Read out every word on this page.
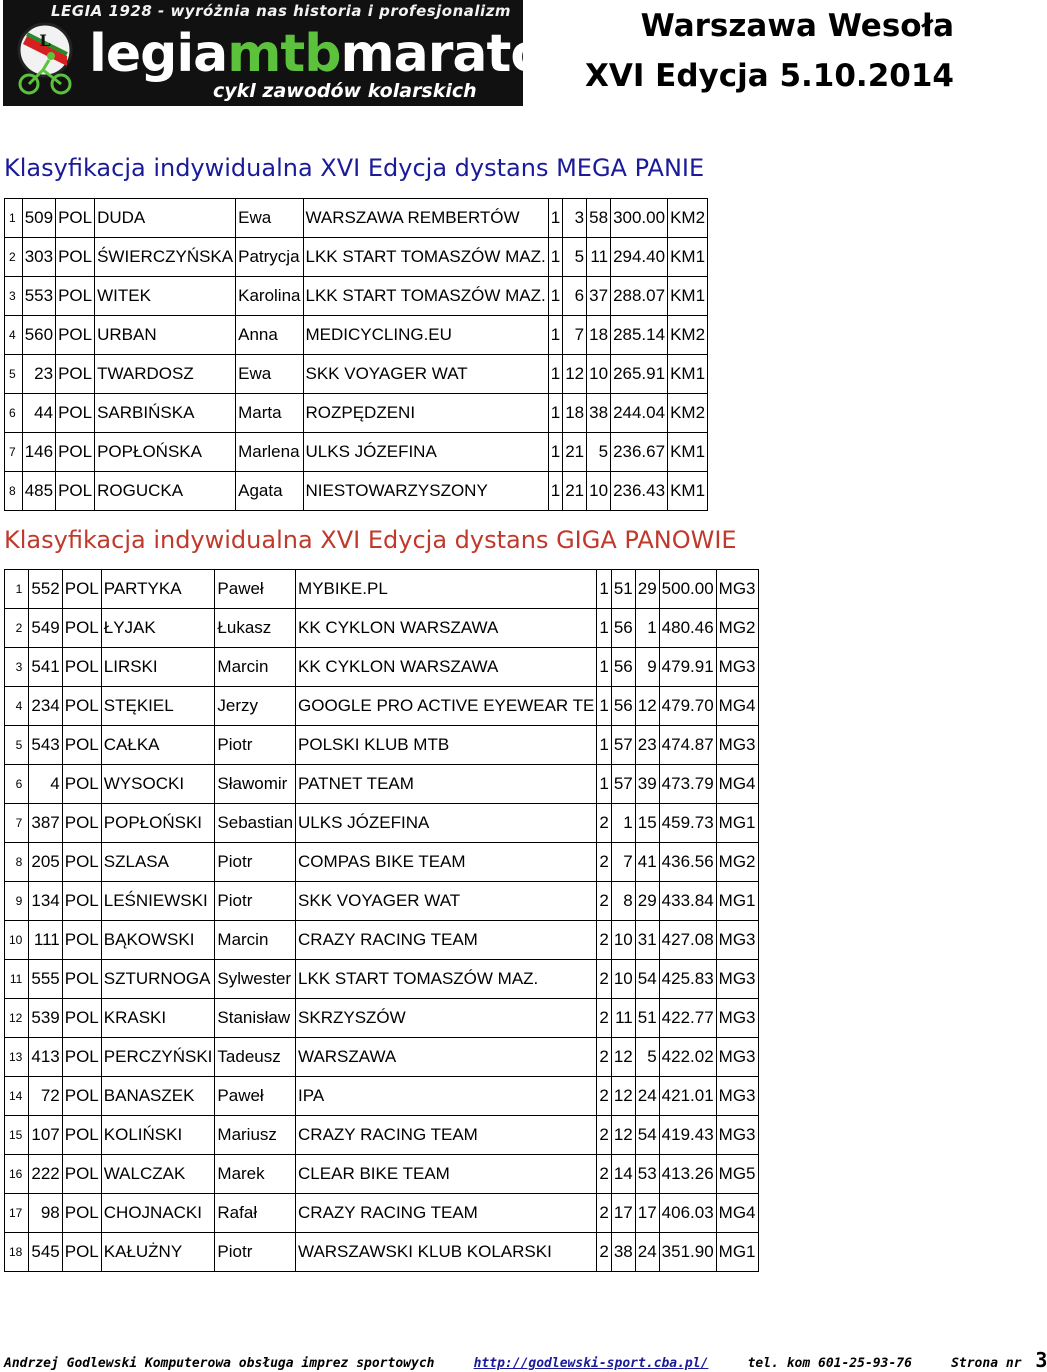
LEGIA 1928 - wyróżnia nas historia i profesjonalizm
L legiamtbmaraton
cykl zawodów kolarskich
Warszawa Wesoła
XVI Edycja 5.10.2014
Klasyfikacja indywidualna XVI Edycja dystans MEGA PANIE
1	509	POL	DUDA	Ewa	WARSZAWA REMBERTÓW	1	3	58	300.00	KM2
2	303	POL	ŚWIERCZYŃSKA	Patrycja	LKK START TOMASZÓW MAZ.	1	5	11	294.40	KM1
3	553	POL	WITEK	Karolina	LKK START TOMASZÓW MAZ.	1	6	37	288.07	KM1
4	560	POL	URBAN	Anna	MEDICYCLING.EU	1	7	18	285.14	KM2
5	23	POL	TWARDOSZ	Ewa	SKK VOYAGER WAT	1	12	10	265.91	KM1
6	44	POL	SARBIŃSKA	Marta	ROZPĘDZENI	1	18	38	244.04	KM2
7	146	POL	POPŁOŃSKA	Marlena	ULKS JÓZEFINA	1	21	5	236.67	KM1
8	485	POL	ROGUCKA	Agata	NIESTOWARZYSZONY	1	21	10	236.43	KM1
Klasyfikacja indywidualna XVI Edycja dystans GIGA PANOWIE
1	552	POL	PARTYKA	Paweł	MYBIKE.PL	1	51	29	500.00	MG3
2	549	POL	ŁYJAK	Łukasz	KK CYKLON WARSZAWA	1	56	1	480.46	MG2
3	541	POL	LIRSKI	Marcin	KK CYKLON WARSZAWA	1	56	9	479.91	MG3
4	234	POL	STĘKIEL	Jerzy	GOOGLE PRO ACTIVE EYEWEAR TE	1	56	12	479.70	MG4
5	543	POL	CAŁKA	Piotr	POLSKI KLUB MTB	1	57	23	474.87	MG3
6	4	POL	WYSOCKI	Sławomir	PATNET TEAM	1	57	39	473.79	MG4
7	387	POL	POPŁOŃSKI	Sebastian	ULKS JÓZEFINA	2	1	15	459.73	MG1
8	205	POL	SZLASA	Piotr	COMPAS BIKE TEAM	2	7	41	436.56	MG2
9	134	POL	LEŚNIEWSKI	Piotr	SKK VOYAGER WAT	2	8	29	433.84	MG1
10	111	POL	BĄKOWSKI	Marcin	CRAZY RACING TEAM	2	10	31	427.08	MG3
11	555	POL	SZTURNOGA	Sylwester	LKK START TOMASZÓW MAZ.	2	10	54	425.83	MG3
12	539	POL	KRASKI	Stanisław	SKRZYSZÓW	2	11	51	422.77	MG3
13	413	POL	PERCZYŃSKI	Tadeusz	WARSZAWA	2	12	5	422.02	MG3
14	72	POL	BANASZEK	Paweł	IPA	2	12	24	421.01	MG3
15	107	POL	KOLIŃSKI	Mariusz	CRAZY RACING TEAM	2	12	54	419.43	MG3
16	222	POL	WALCZAK	Marek	CLEAR BIKE TEAM	2	14	53	413.26	MG5
17	98	POL	CHOJNACKI	Rafał	CRAZY RACING TEAM	2	17	17	406.03	MG4
18	545	POL	KAŁUŻNY	Piotr	WARSZAWSKI KLUB KOLARSKI	2	38	24	351.90	MG1
Andrzej Godlewski Komputerowa obsługa imprez sportowych	http://godlewski-sport.cba.pl/	tel. kom 601-25-93-76	Strona nr 3
